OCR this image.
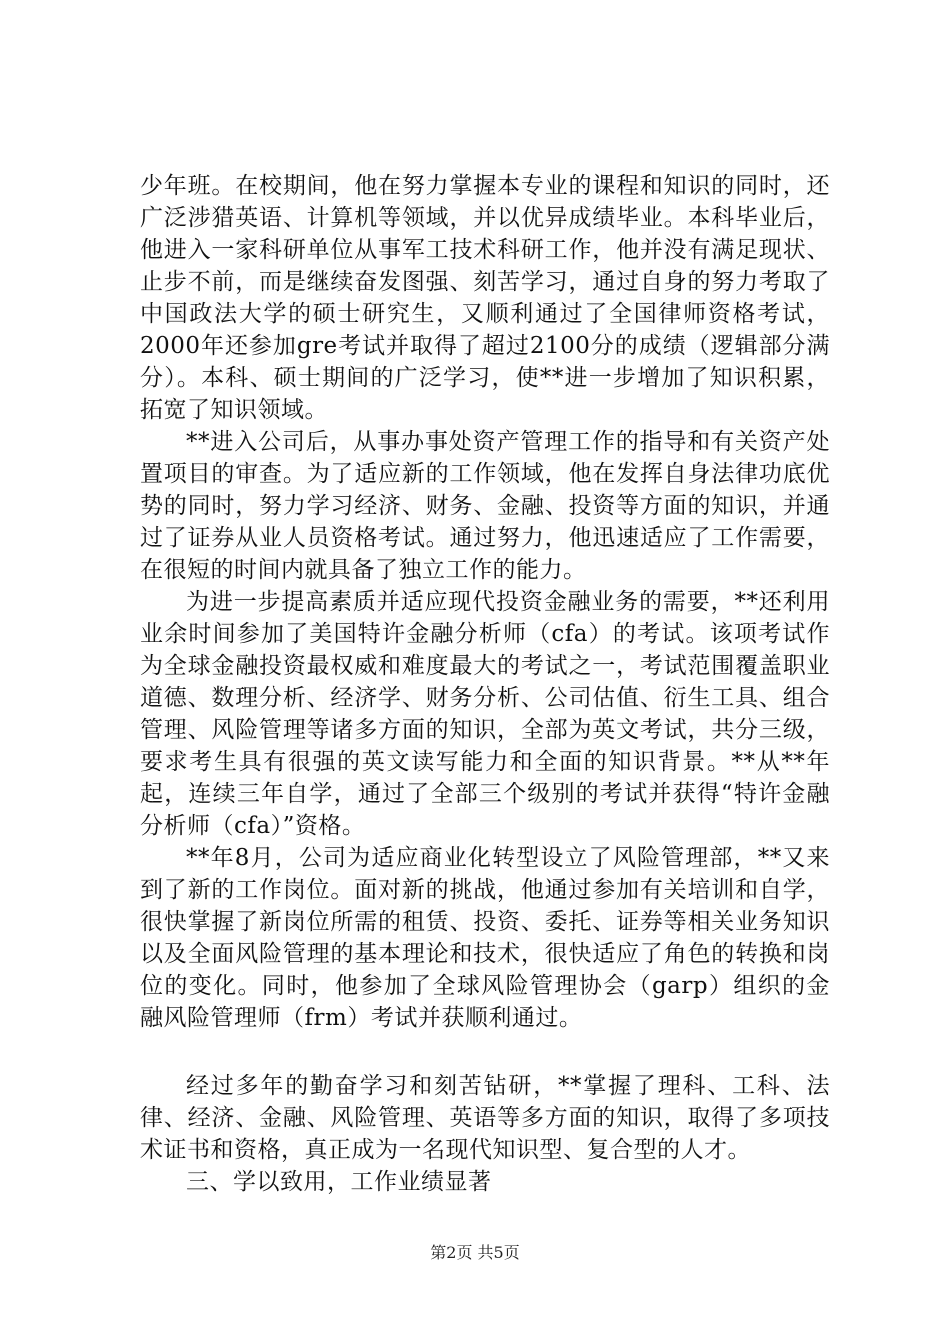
少年班。在校期间，他在努力掌握本专业的课程和知识的同时，还广泛涉猎英语、计算机等领域，并以优异成绩毕业。本科毕业后，他进入一家科研单位从事军工技术科研工作，他并没有满足现状、止步不前，而是继续奋发图强、刻苦学习，通过自身的努力考取了中国政法大学的硕士研究生，又顺利通过了全国律师资格考试，2000年还参加gre考试并取得了超过2100分的成绩（逻辑部分满分）。本科、硕士期间的广泛学习，使**进一步增加了知识积累，拓宽了知识领域。

**进入公司后，从事办事处资产管理工作的指导和有关资产处置项目的审查。为了适应新的工作领域，他在发挥自身法律功底优势的同时，努力学习经济、财务、金融、投资等方面的知识，并通过了证券从业人员资格考试。通过努力，他迅速适应了工作需要，在很短的时间内就具备了独立工作的能力。

为进一步提高素质并适应现代投资金融业务的需要，**还利用业余时间参加了美国特许金融分析师（cfa）的考试。该项考试作为全球金融投资最权威和难度最大的考试之一，考试范围覆盖职业道德、数理分析、经济学、财务分析、公司估值、衍生工具、组合管理、风险管理等诸多方面的知识，全部为英文考试，共分三级，要求考生具有很强的英文读写能力和全面的知识背景。**从**年起，连续三年自学，通过了全部三个级别的考试并获得“特许金融分析师（cfa）”资格。

**年8月，公司为适应商业化转型设立了风险管理部，**又来到了新的工作岗位。面对新的挑战，他通过参加有关培训和自学，很快掌握了新岗位所需的租赁、投资、委托、证券等相关业务知识以及全面风险管理的基本理论和技术，很快适应了角色的转换和岗位的变化。同时，他参加了全球风险管理协会（garp）组织的金融风险管理师（frm）考试并获顺利通过。

经过多年的勤奋学习和刻苦钻研，**掌握了理科、工科、法律、经济、金融、风险管理、英语等多方面的知识，取得了多项技术证书和资格，真正成为一名现代知识型、复合型的人才。

三、学以致用，工作业绩显著

第2页 共5页
